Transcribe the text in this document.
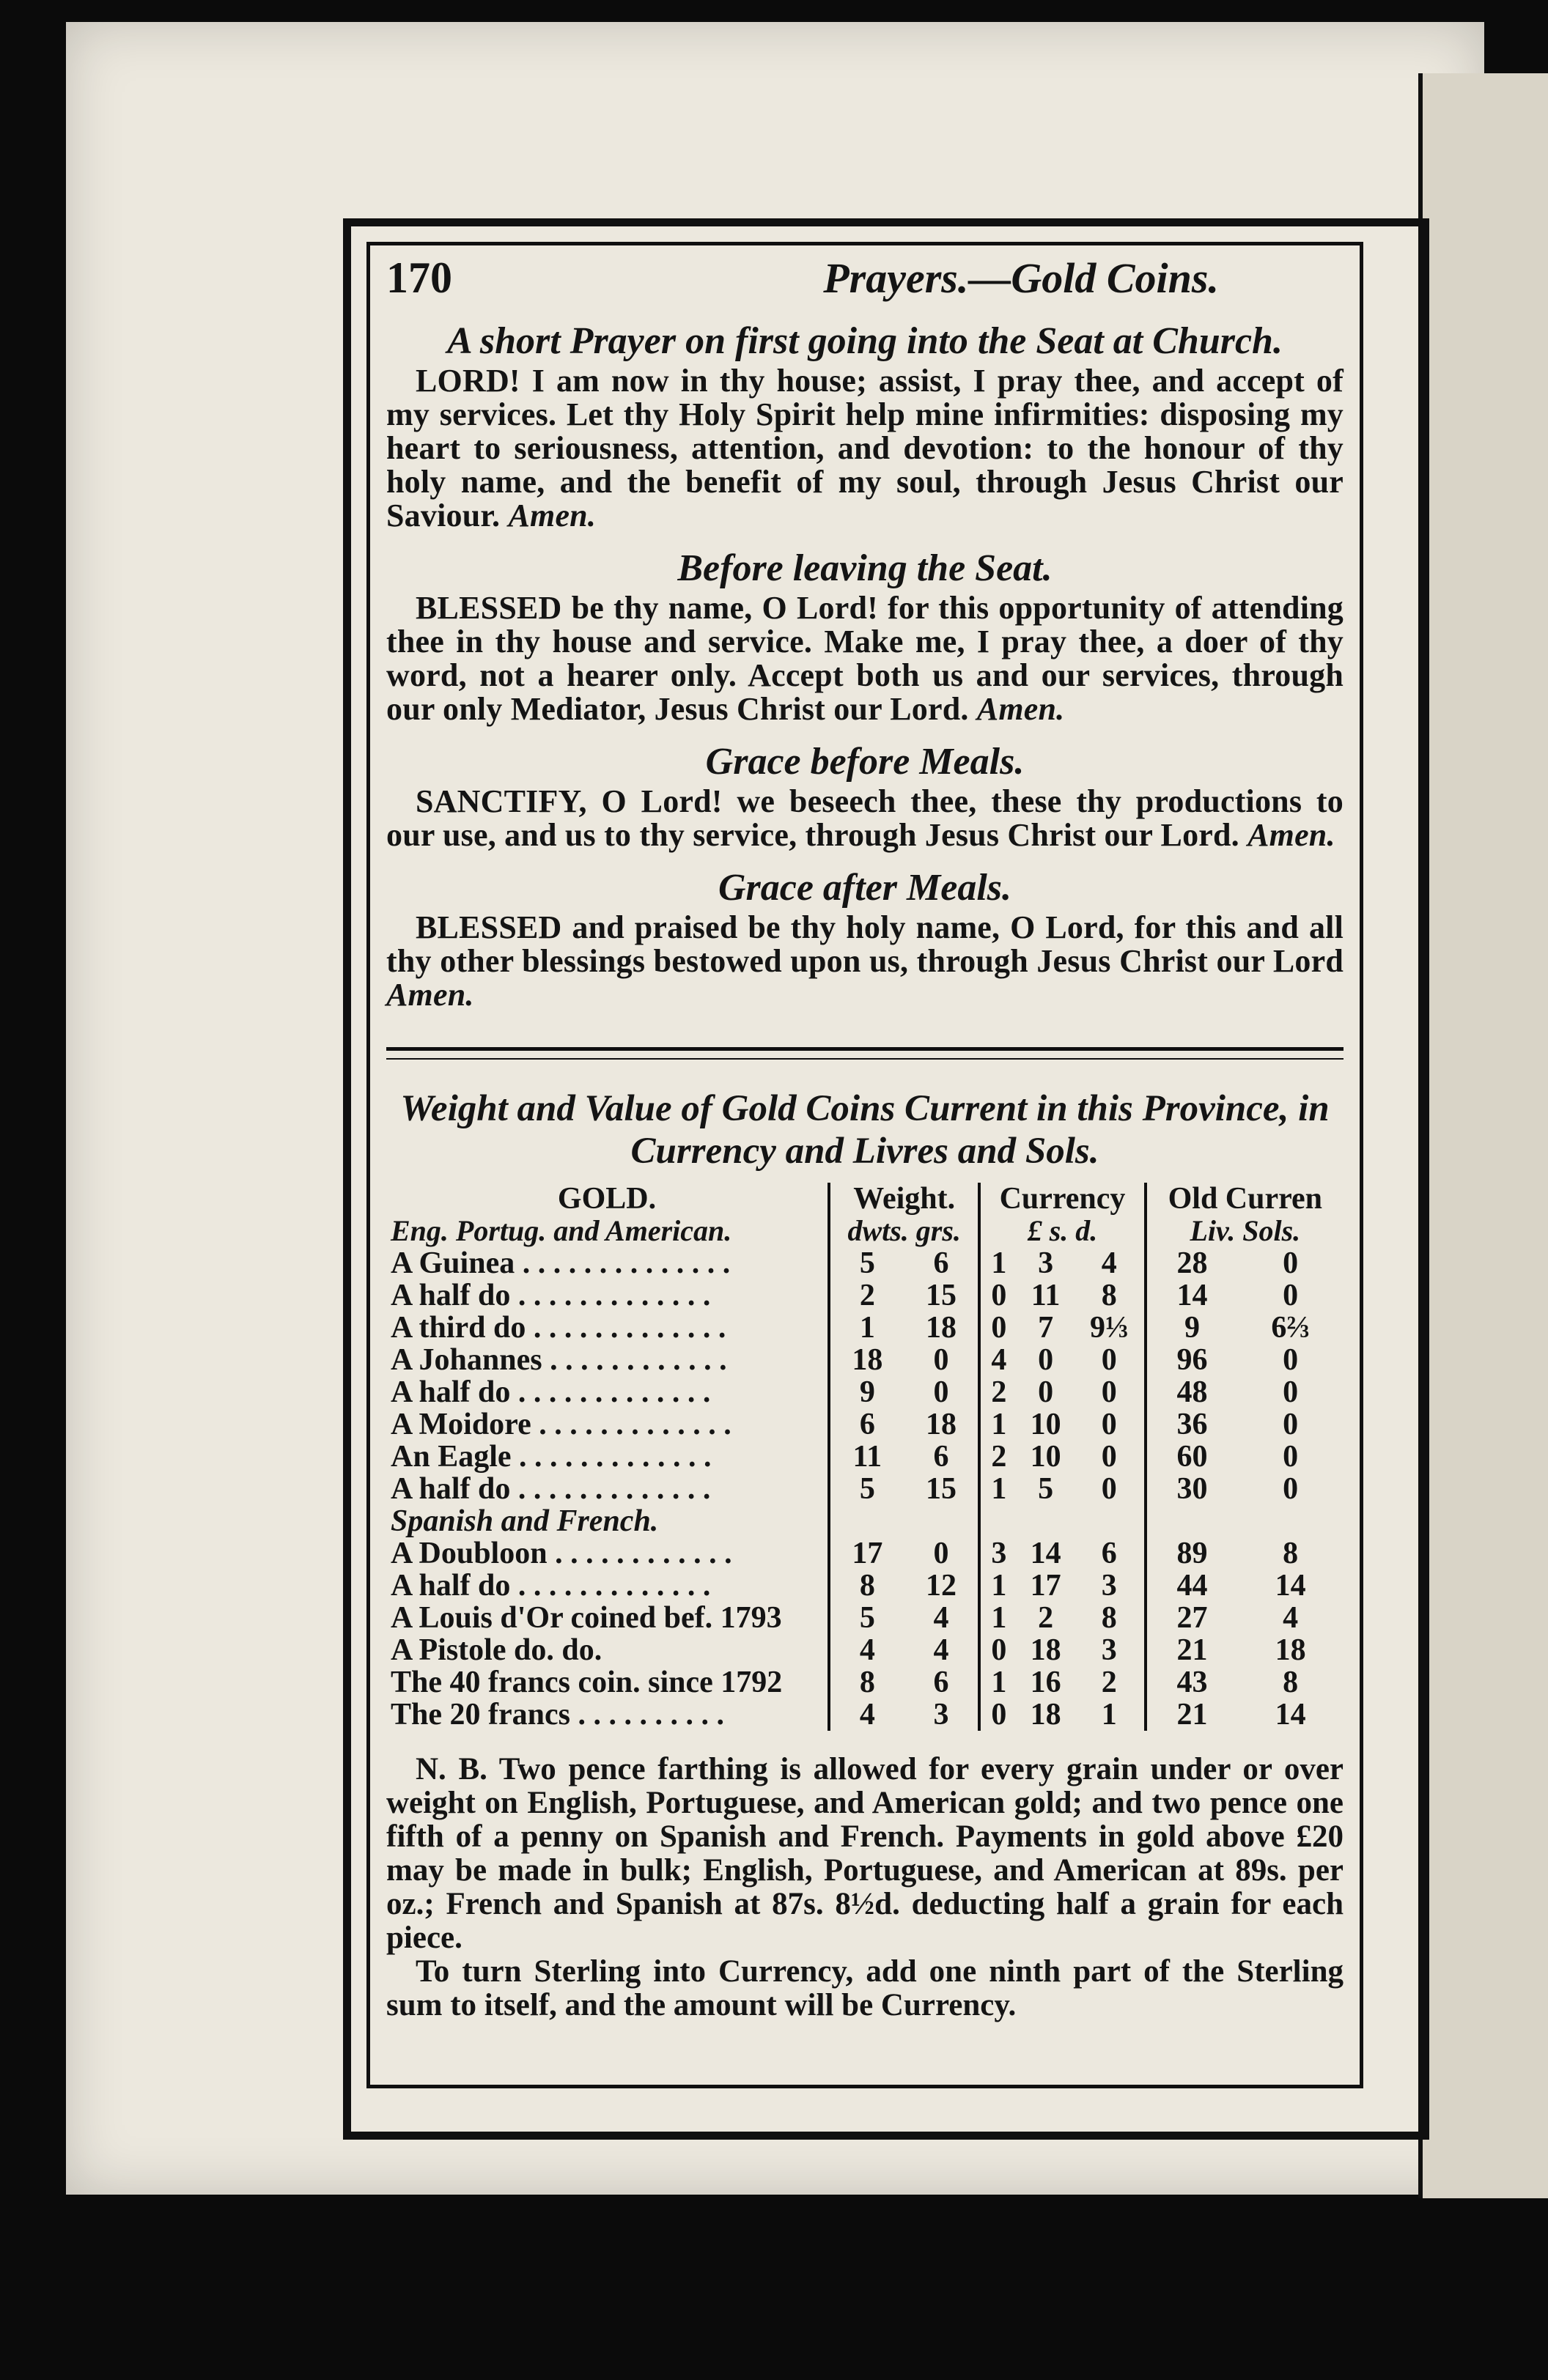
170	Prayers.—Gold Coins.
A short Prayer on first going into the Seat at Church.

LORD! I am now in thy house; assist, I pray thee, and accept of my services. Let thy Holy Spirit help mine infirmities: disposing my heart to seriousness, attention, and devotion: to the honour of thy holy name, and the benefit of my soul, through Jesus Christ our Saviour. Amen.

Before leaving the Seat.

BLESSED be thy name, O Lord! for this opportunity of attending thee in thy house and service. Make me, I pray thee, a doer of thy word, not a hearer only. Accept both us and our services, through our only Mediator, Jesus Christ our Lord. Amen.

Grace before Meals.

SANCTIFY, O Lord! we beseech thee, these thy productions to our use, and us to thy service, through Jesus Christ our Lord. Amen.

Grace after Meals.

BLESSED and praised be thy holy name, O Lord, for this and all thy other blessings bestowed upon us, through Jesus Christ our Lord Amen.

Weight and Value of Gold Coins Current in this Province, in Currency and Livres and Sols.
GOLD.	Weight.		Currency			Old Curren	
Eng. Portug. and American.	dwts. grs.		£ s. d.			Liv. Sols.	
A Guinea . . . . . . . . . . . . . .	5	6	1	3	4	28	0
A half do . . . . . . . . . . . . .	2	15	0	11	8	14	0
A third do . . . . . . . . . . . . .	1	18	0	7	9⅓	9	6⅔
A Johannes . . . . . . . . . . . .	18	0	4	0	0	96	0
A half do . . . . . . . . . . . . .	9	0	2	0	0	48	0
A Moidore . . . . . . . . . . . . .	6	18	1	10	0	36	0
An Eagle . . . . . . . . . . . . .	11	6	2	10	0	60	0
A half do . . . . . . . . . . . . .	5	15	1	5	0	30	0
Spanish and French.							
A Doubloon . . . . . . . . . . . .	17	0	3	14	6	89	8
A half do . . . . . . . . . . . . .	8	12	1	17	3	44	14
A Louis d'Or coined bef. 1793	5	4	1	2	8	27	4
A Pistole do. do.	4	4	0	18	3	21	18
The 40 francs coin. since 1792	8	6	1	16	2	43	8
The 20 francs . . . . . . . . . .	4	3	0	18	1	21	14

N. B. Two pence farthing is allowed for every grain under or over weight on English, Portuguese, and American gold; and two pence one fifth of a penny on Spanish and French. Payments in gold above £20 may be made in bulk; English, Portuguese, and American at 89s. per oz.; French and Spanish at 87s. 8½d. deducting half a grain for each piece.

To turn Sterling into Currency, add one ninth part of the Sterling sum to itself, and the amount will be Currency.
